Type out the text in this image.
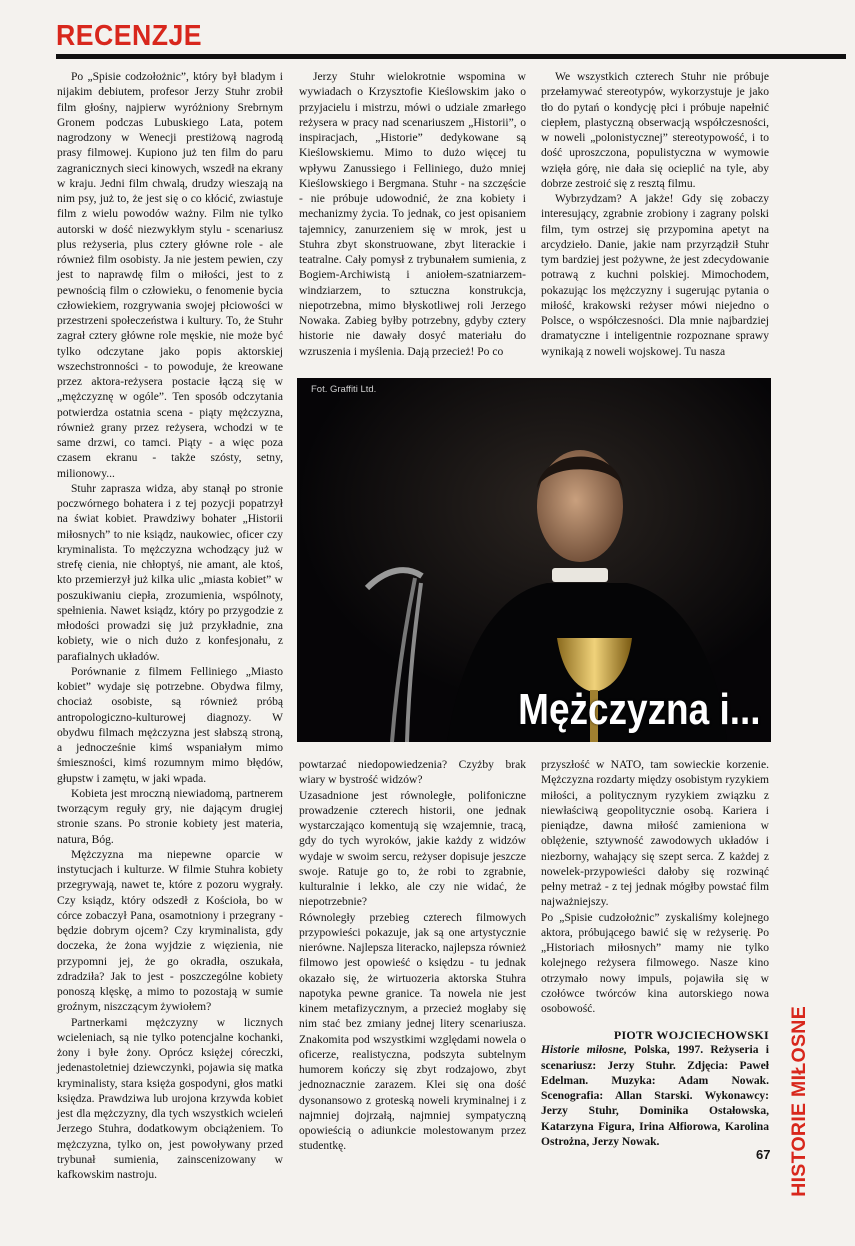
RECENZJE

Po „Spisie codzołożnic”, który był bladym i nijakim debiutem, profesor Jerzy Stuhr zrobił film głośny, najpierw wyróżniony Srebrnym Gronem podczas Lubuskiego Lata, potem nagrodzony w Wenecji prestiżową nagrodą prasy filmowej. Kupiono już ten film do paru zagranicznych sieci kinowych, wszedł na ekrany w kraju. Jedni film chwalą, drudzy wieszają na nim psy, już to, że jest się o co kłócić, zwiastuje film z wielu powodów ważny. Film nie tylko autorski w dość niezwykłym stylu - scenariusz plus reżyseria, plus cztery główne role - ale również film osobisty. Ja nie jestem pewien, czy jest to naprawdę film o miłości, jest to z pewnością film o człowieku, o fenomenie bycia człowiekiem, rozgrywania swojej płciowości w przestrzeni społeczeństwa i kultury. To, że Stuhr zagrał cztery główne role męskie, nie może być tylko odczytane jako popis aktorskiej wszechstronności - to powoduje, że kreowane przez aktora-reżysera postacie łączą się w „mężczyznę w ogóle”. Ten sposób odczytania potwierdza ostatnia scena - piąty mężczyzna, również grany przez reżysera, wchodzi w te same drzwi, co tamci. Piąty - a więc poza czasem ekranu - także szósty, setny, milionowy...

Stuhr zaprasza widza, aby stanął po stronie poczwórnego bohatera i z tej pozycji popatrzył na świat kobiet. Prawdziwy bohater „Historii miłosnych” to nie ksiądz, naukowiec, oficer czy kryminalista. To mężczyzna wchodzący już w strefę cienia, nie chłoptyś, nie amant, ale ktoś, kto przemierzył już kilka ulic „miasta kobiet” w poszukiwaniu ciepła, zrozumienia, wspólnoty, spełnienia. Nawet ksiądz, który po przygodzie z młodości prowadzi się już przykładnie, zna kobiety, wie o nich dużo z konfesjonału, z parafialnych układów.

Porównanie z filmem Felliniego „Miasto kobiet” wydaje się potrzebne. Obydwa filmy, chociaż osobiste, są również próbą antropologiczno-kulturowej diagnozy. W obydwu filmach mężczyzna jest słabszą stroną, a jednocześnie kimś wspaniałym mimo śmieszności, kimś rozumnym mimo błędów, głupstw i zamętu, w jaki wpada.

Kobieta jest mroczną niewiadomą, partnerem tworzącym reguły gry, nie dającym drugiej stronie szans. Po stronie kobiety jest materia, natura, Bóg.

Mężczyzna ma niepewne oparcie w instytucjach i kulturze. W filmie Stuhra kobiety przegrywają, nawet te, które z pozoru wygrały. Czy ksiądz, który odszedł z Kościoła, bo w córce zobaczył Pana, osamotniony i przegrany - będzie dobrym ojcem? Czy kryminalista, gdy doczeka, że żona wyjdzie z więzienia, nie przypomni jej, że go okradła, oszukała, zdradziła? Jak to jest - poszczególne kobiety ponoszą klęskę, a mimo to pozostają w sumie groźnym, niszczącym żywiołem?

Partnerkami mężczyzny w licznych wcieleniach, są nie tylko potencjalne kochanki, żony i byłe żony. Oprócz księżej córeczki, jedenastoletniej dziewczynki, pojawia się matka kryminalisty, stara księża gospodyni, głos matki księdza. Prawdziwa lub urojona krzywda kobiet jest dla mężczyzny, dla tych wszystkich wcieleń Jerzego Stuhra, dodatkowym obciążeniem. To mężczyzna, tylko on, jest powoływany przed trybunał sumienia, zainscenizowany w kafkowskim nastroju.

Jerzy Stuhr wielokrotnie wspomina w wywiadach o Krzysztofie Kieślowskim jako o przyjacielu i mistrzu, mówi o udziale zmarłego reżysera w pracy nad scenariuszem „Historii”, o inspiracjach, „Historie” dedykowane są Kieślowskiemu. Mimo to dużo więcej tu wpływu Zanussiego i Felliniego, dużo mniej Kieślowskiego i Bergmana. Stuhr - na szczęście - nie próbuje udowodnić, że zna kobiety i mechanizmy życia. To jednak, co jest opisaniem tajemnicy, zanurzeniem się w mrok, jest u Stuhra zbyt skonstruowane, zbyt literackie i teatralne. Cały pomysł z trybunałem sumienia, z Bogiem-Archiwistą i aniołem-szatniarzem-windziarzem, to sztuczna konstrukcja, niepotrzebna, mimo błyskotliwej roli Jerzego Nowaka. Zabieg byłby potrzebny, gdyby cztery historie nie dawały dosyć materiału do wzruszenia i myślenia. Dają przecież! Po co

We wszystkich czterech Stuhr nie próbuje przełamywać stereotypów, wykorzystuje je jako tło do pytań o kondycję płci i próbuje napełnić ciepłem, plastyczną obserwacją współczesności, w noweli „polonistycznej” stereotypowość, i to dość uproszczona, populistyczna w wymowie wzięła górę, nie dała się ocieplić na tyle, aby dobrze zestroić się z resztą filmu.

Wybrzydzam? A jakże! Gdy się zobaczy interesujący, zgrabnie zrobiony i zagrany polski film, tym ostrzej się przypomina apetyt na arcydzieło. Danie, jakie nam przyrządził Stuhr tym bardziej jest pożywne, że jest zdecydowanie potrawą z kuchni polskiej. Mimochodem, pokazując los mężczyzny i sugerując pytania o miłość, krakowski reżyser mówi niejedno o Polsce, o współczesności. Dla mnie najbardziej dramatyczne i inteligentnie rozpoznane sprawy wynikają z noweli wojskowej. Tu nasza

Fot. Graffiti Ltd.
Mężczyzna i...
PIOTR WOJCIECHOWSKI
Historie miłosne, Polska, 1997. Reżyseria i scenariusz: Jerzy Stuhr. Zdjęcia: Paweł Edelman. Muzyka: Adam Nowak. Scenografia: Allan Starski. Wykonawcy: Jerzy Stuhr, Dominika Ostałowska, Katarzyna Figura, Irina Ałfiorowa, Karolina Ostrożna, Jerzy Nowak.	HISTORIE MIŁOSNE
67

powtarzać niedopowiedzenia? Czyżby brak wiary w bystrość widzów?

Uzasadnione jest równoległe, polifoniczne prowadzenie czterech historii, one jednak wystarczająco komentują się wzajemnie, tracą, gdy do tych wyroków, jakie każdy z widzów wydaje w swoim sercu, reżyser dopisuje jeszcze swoje. Ratuje go to, że robi to zgrabnie, kulturalnie i lekko, ale czy nie widać, że niepotrzebnie?

Równoległy przebieg czterech filmowych przypowieści pokazuje, jak są one artystycznie nierówne. Najlepsza literacko, najlepsza również filmowo jest opowieść o księdzu - tu jednak okazało się, że wirtuozeria aktorska Stuhra napotyka pewne granice. Ta nowela nie jest kinem metafizycznym, a przecież mogłaby się nim stać bez zmiany jednej litery scenariusza. Znakomita pod wszystkimi względami nowela o oficerze, realistyczna, podszyta subtelnym humorem kończy się zbyt rodzajowo, zbyt jednoznacznie zarazem. Klei się ona dość dysonansowo z groteską noweli kryminalnej i z najmniej dojrzałą, najmniej sympatyczną opowieścią o adiunkcie molestowanym przez studentkę.

przyszłość w NATO, tam sowieckie korzenie. Mężczyzna rozdarty między osobistym ryzykiem miłości, a politycznym ryzykiem związku z niewłaściwą geopolitycznie osobą. Kariera i pieniądze, dawna miłość zamieniona w oblężenie, sztywność zawodowych układów i niezborny, wahający się szept serca. Z każdej z nowelek-przypowieści dałoby się rozwinąć pełny metraż - z tej jednak mógłby powstać film najważniejszy.

Po „Spisie cudzołożnic” zyskaliśmy kolejnego aktora, próbującego bawić się w reżyserię. Po „Historiach miłosnych” mamy nie tylko kolejnego reżysera filmowego. Nasze kino otrzymało nowy impuls, pojawiła się w czołówce twórców kina autorskiego nowa osobowość.
